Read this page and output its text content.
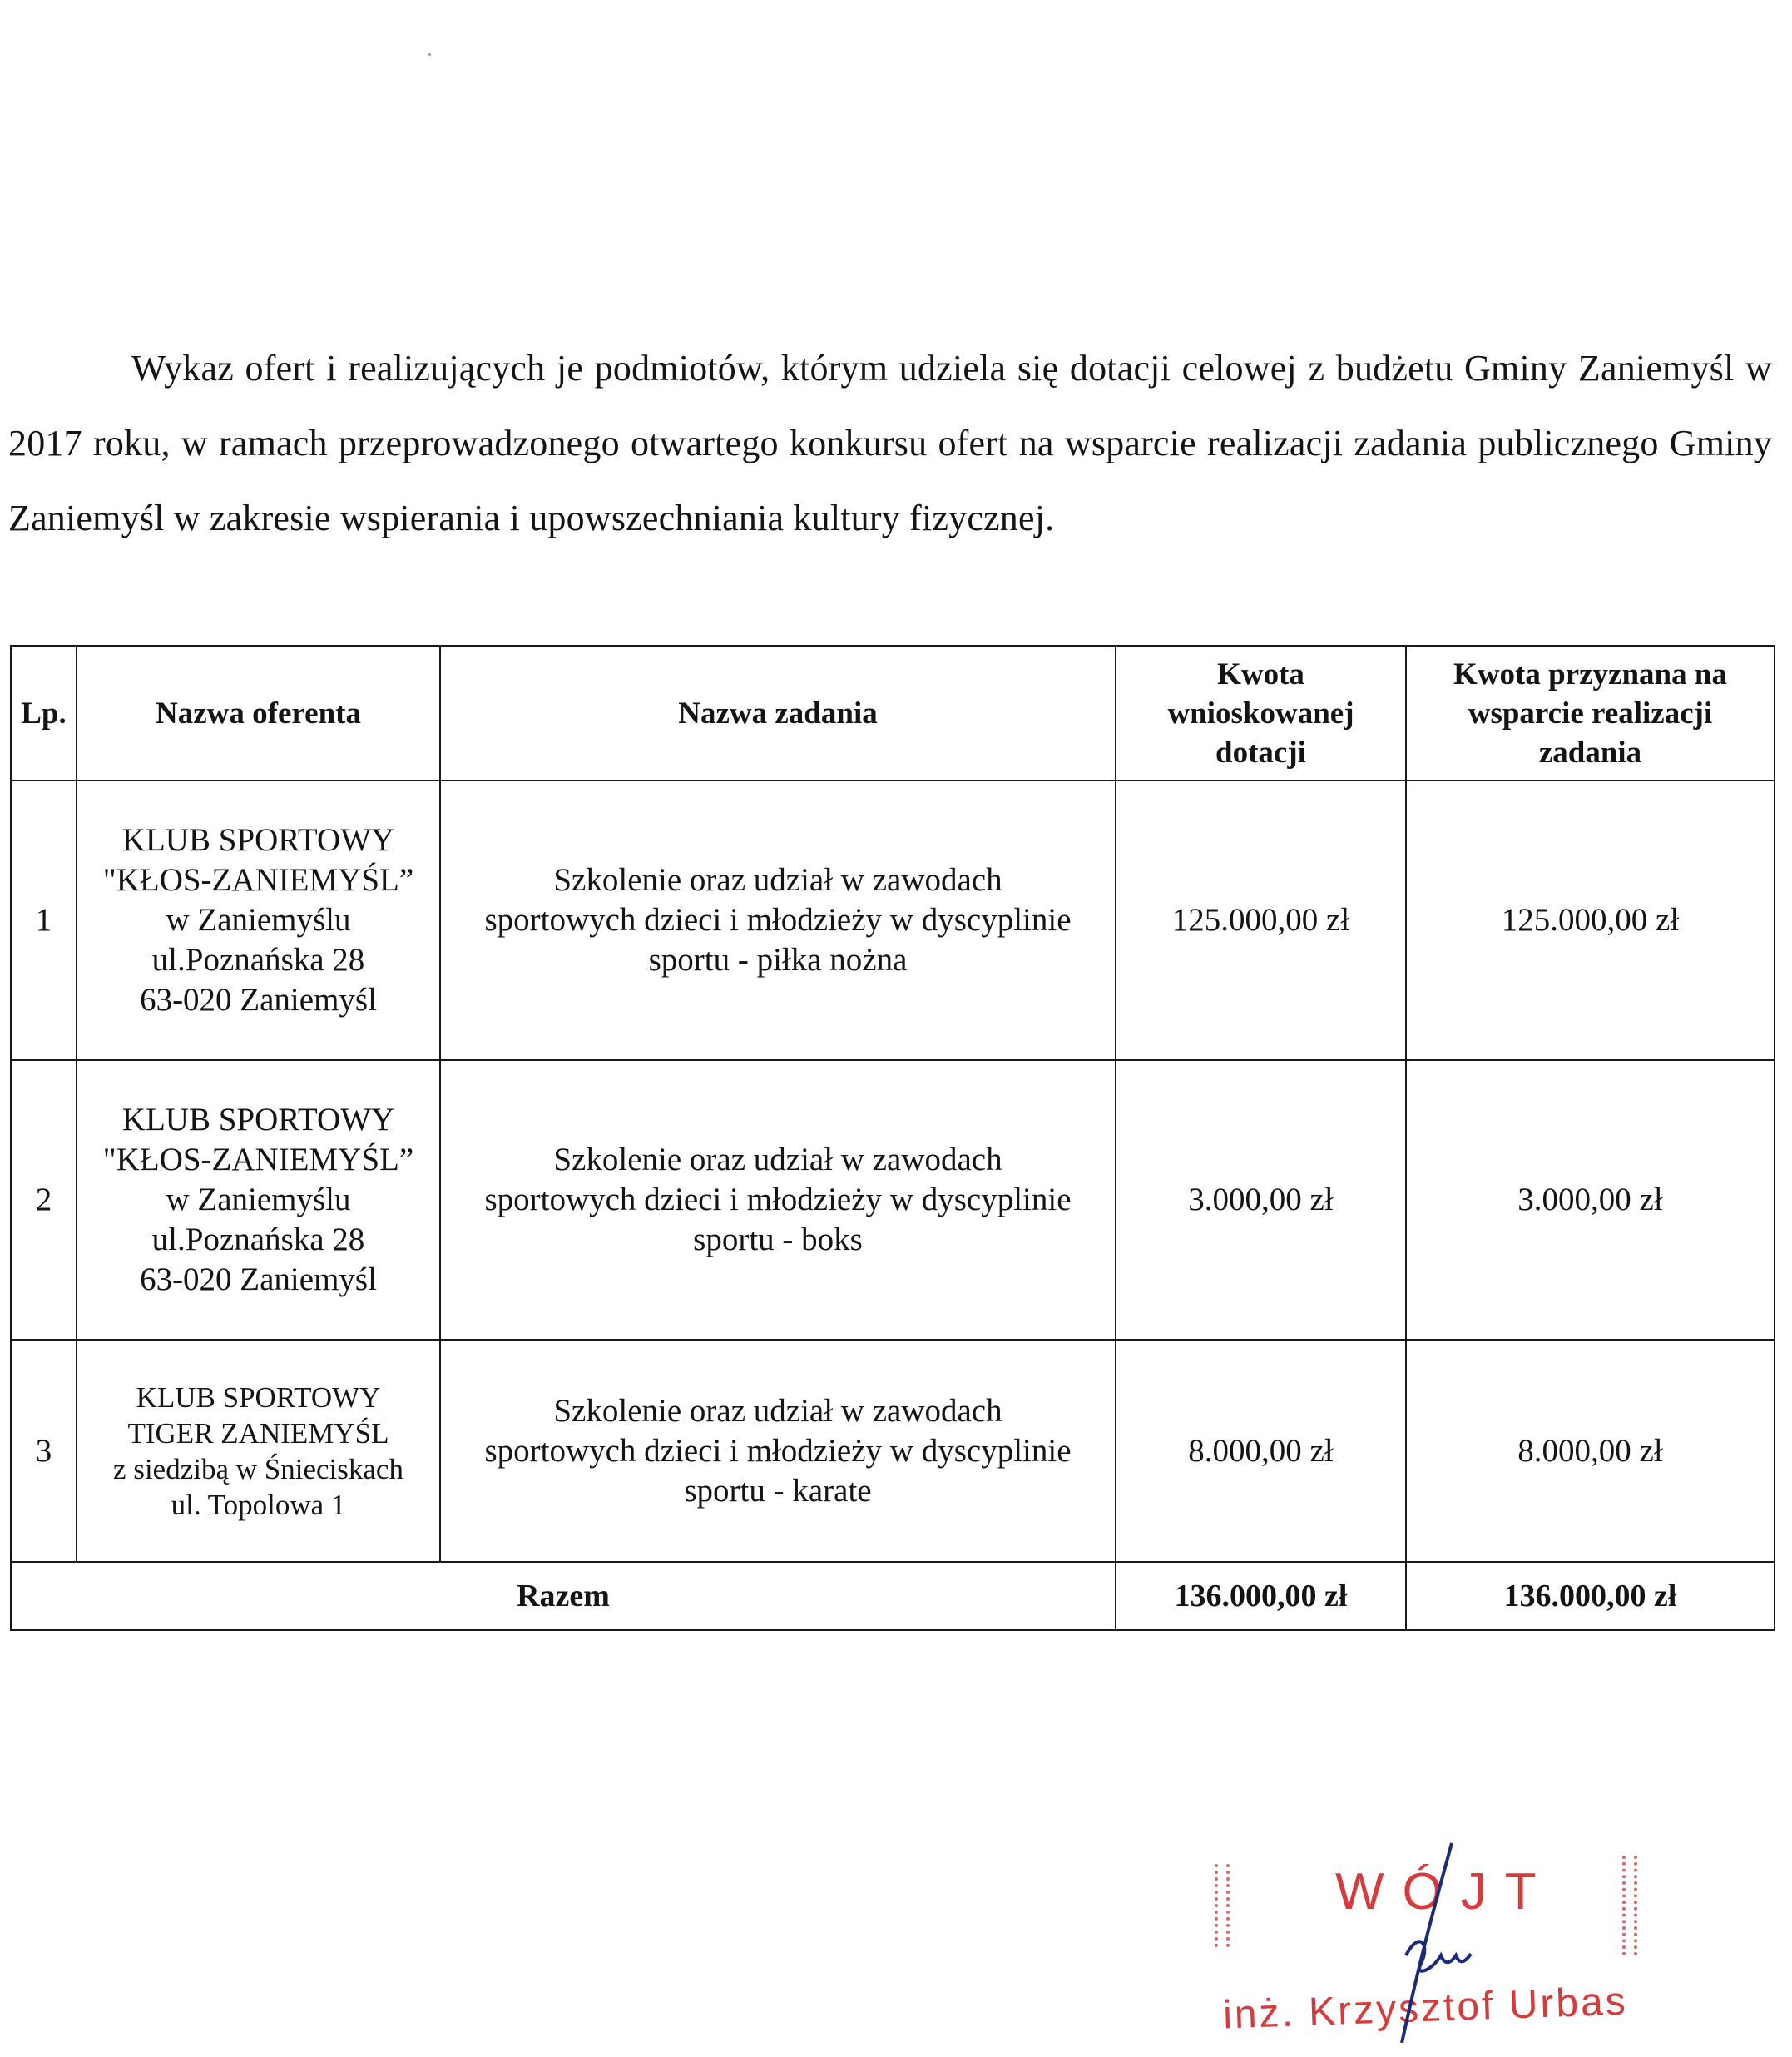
Wykaz ofert i realizujących je podmiotów, którym udziela się dotacji celowej z budżetu Gminy Zaniemyśl w 2017 roku, w ramach przeprowadzonego otwartego konkursu ofert na wsparcie realizacji zadania publicznego Gminy Zaniemyśl w zakresie wspierania i upowszechniania kultury fizycznej.

Lp.	Nazwa oferenta	Nazwa zadania	Kwota wnioskowanej dotacji	Kwota przyznana na wsparcie realizacji zadania
1	KLUB SPORTOWY
"KŁOS-ZANIEMYŚL”
w Zaniemyślu
ul.Poznańska 28
63-020 Zaniemyśl	Szkolenie oraz udział w zawodach
sportowych dzieci i młodzieży w dyscyplinie
sportu - piłka nożna	125.000,00 zł	125.000,00 zł
2	KLUB SPORTOWY
"KŁOS-ZANIEMYŚL”
w Zaniemyślu
ul.Poznańska 28
63-020 Zaniemyśl	Szkolenie oraz udział w zawodach
sportowych dzieci i młodzieży w dyscyplinie
sportu - boks	3.000,00 zł	3.000,00 zł
3	KLUB SPORTOWY
TIGER ZANIEMYŚL
z siedzibą w Śnieciskach
ul. Topolowa 1	Szkolenie oraz udział w zawodach
sportowych dzieci i młodzieży w dyscyplinie
sportu - karate	8.000,00 zł	8.000,00 zł
Razem			136.000,00 zł	136.000,00 zł
WÓJT
inż. Krzysztof Urbas
